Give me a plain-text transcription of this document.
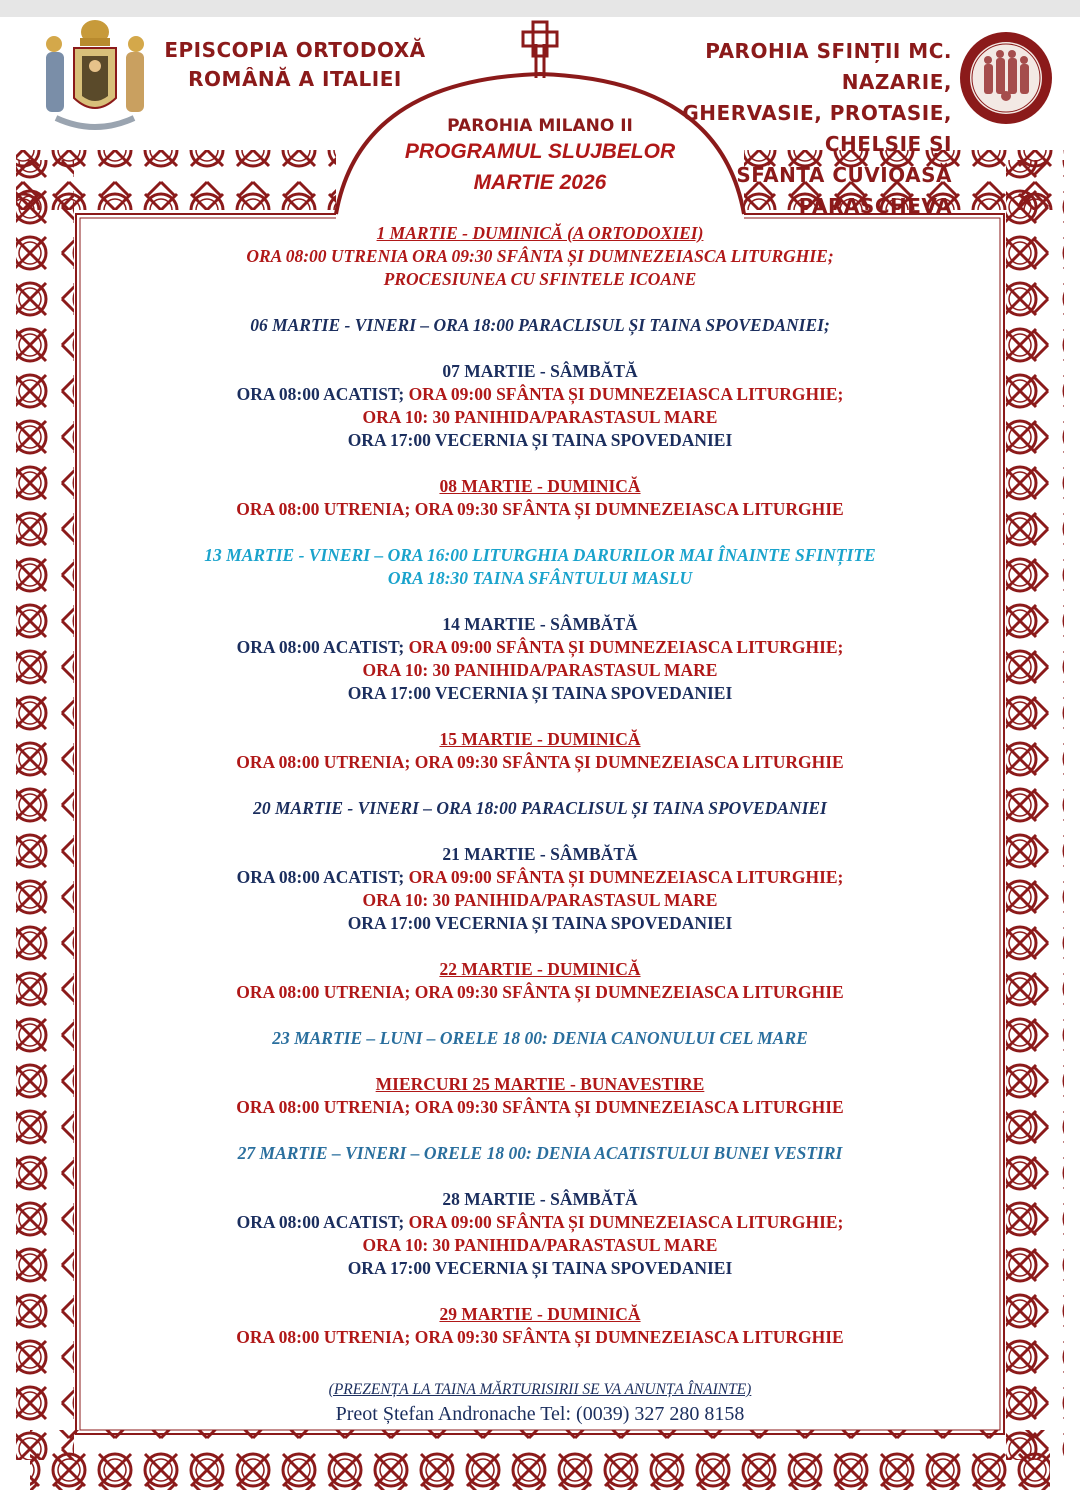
EPISCOPIA ORTODOXĂ
ROMÂNĂ A ITALIEI
PAROHIA SFINȚII MC. NAZARIE,
GHERVASIE, PROTASIE, CHELSIE ȘI
SFÂNTA CUVIOASĂ
PARASCHEVA
PAROHIA MILANO II
PROGRAMUL SLUJBELOR
MARTIE 2026
1 MARTIE - DUMINICĂ (A ORTODOXIEI)
ORA 08:00 UTRENIA ORA 09:30 SFÂNTA ȘI DUMNEZEIASCA LITURGHIE;
PROCESIUNEA CU SFINTELE ICOANE
06 MARTIE - VINERI – ORA 18:00 PARACLISUL ȘI TAINA SPOVEDANIEI;
07 MARTIE - SÂMBĂTĂ
ORA 08:00 ACATIST; ORA 09:00 SFÂNTA ȘI DUMNEZEIASCA LITURGHIE;
ORA 10: 30 PANIHIDA/PARASTASUL MARE
ORA 17:00 VECERNIA ȘI TAINA SPOVEDANIEI
08 MARTIE - DUMINICĂ
ORA 08:00 UTRENIA; ORA 09:30 SFÂNTA ȘI DUMNEZEIASCA LITURGHIE
13 MARTIE - VINERI – ORA 16:00 LITURGHIA DARURILOR MAI ÎNAINTE SFINȚITE
ORA 18:30 TAINA SFÂNTULUI MASLU
14 MARTIE - SÂMBĂTĂ
ORA 08:00 ACATIST; ORA 09:00 SFÂNTA ȘI DUMNEZEIASCA LITURGHIE;
ORA 10: 30 PANIHIDA/PARASTASUL MARE
ORA 17:00 VECERNIA ȘI TAINA SPOVEDANIEI
15 MARTIE - DUMINICĂ
ORA 08:00 UTRENIA; ORA 09:30 SFÂNTA ȘI DUMNEZEIASCA LITURGHIE
20 MARTIE - VINERI – ORA 18:00 PARACLISUL ȘI TAINA SPOVEDANIEI
21 MARTIE - SÂMBĂTĂ
ORA 08:00 ACATIST; ORA 09:00 SFÂNTA ȘI DUMNEZEIASCA LITURGHIE;
ORA 10: 30 PANIHIDA/PARASTASUL MARE
ORA 17:00 VECERNIA ȘI TAINA SPOVEDANIEI
22 MARTIE - DUMINICĂ
ORA 08:00 UTRENIA; ORA 09:30 SFÂNTA ȘI DUMNEZEIASCA LITURGHIE
23 MARTIE – LUNI – ORELE 18 00: DENIA CANONULUI CEL MARE
MIERCURI 25 MARTIE - BUNAVESTIRE
ORA 08:00 UTRENIA; ORA 09:30 SFÂNTA ȘI DUMNEZEIASCA LITURGHIE
27 MARTIE – VINERI – ORELE 18 00: DENIA ACATISTULUI BUNEI VESTIRI
28 MARTIE - SÂMBĂTĂ
ORA 08:00 ACATIST; ORA 09:00 SFÂNTA ȘI DUMNEZEIASCA LITURGHIE;
ORA 10: 30 PANIHIDA/PARASTASUL MARE
ORA 17:00 VECERNIA ȘI TAINA SPOVEDANIEI
29 MARTIE - DUMINICĂ
ORA 08:00 UTRENIA; ORA 09:30 SFÂNTA ȘI DUMNEZEIASCA LITURGHIE
(PREZENȚA LA TAINA MĂRTURISIRII SE VA ANUNȚA ÎNAINTE)
Preot Ștefan Andronache Tel: (0039) 327 280 8158
